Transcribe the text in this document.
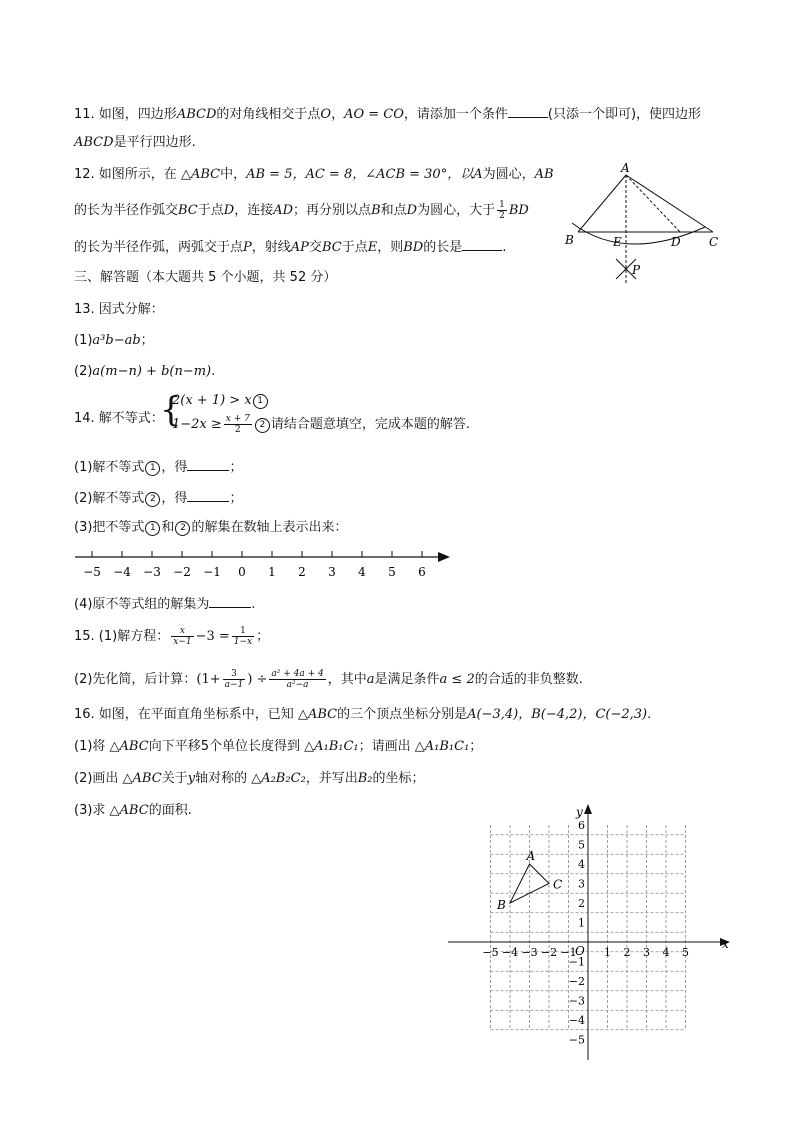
11. 如图，四边形ABCD的对角线相交于点O，AO = CO，请添加一个条件	(只添一个即可)，使四边形
ABCD是平行四边形.
12. 如图所示，在 △ABC中，AB = 5，AC = 8，∠ACB = 30°，以A为圆心，AB
的长为半径作弧交BC于点D，连接AD；再分别以点B和点D为圆心，大于 $\frac{1}{2}$ BD
的长为半径作弧，两弧交于点P，射线AP交BC于点E，则BD的长是	.
A
B	E	D C
P
三、解答题（本大题共 5 个小题，共 52 分）
13. 因式分解：
(1)a³b−ab；
(2)a(m−n) + b(n−m).
14. 解不等式：
{
2(x + 1) > x 1
$1-2x \ge \frac{x + 7}{2} 2$ 请结合题意填空，完成本题的解答.
(1)解不等式 1 ，得	；
(2)解不等式 2 ，得	；
(3)把不等式 1 和 2 的解集在数轴上表示出来：
−5 −4 −3 −2 −1 0 1 2 3 4 5 6
(4)原不等式组的解集为	.
15. (1)解方程： $\frac{x}{x-1} -3 = \frac{1}{1-x}$ ；
(2)先化简，后计算：($1+ \frac{3}{a-1}$ ) ÷ $\frac{\text{a² + 4a + 4}}{\text{a²−a}}$ ，其中a是满足条件a ≤ 2的合适的非负整数.
16. 如图，在平面直角坐标系中，已知 △ABC的三个顶点坐标分别是A(−3,4)，B(−4,2)，C(−2,3).
(1)将 △ABC向下平移5个单位长度得到 △A₁B₁C₁；请画出 △A₁B₁C₁；
(2)画出 △ABC关于y轴对称的 △A₂B₂C₂，并写出B₂的坐标；
(3)求 △ABC的面积.
x
y
O
−5 −4 −3 −2 −1 1 2 3 4 5
6
5
4
3
2
1
−1
−2
−3
−4
−5
A
B
C
